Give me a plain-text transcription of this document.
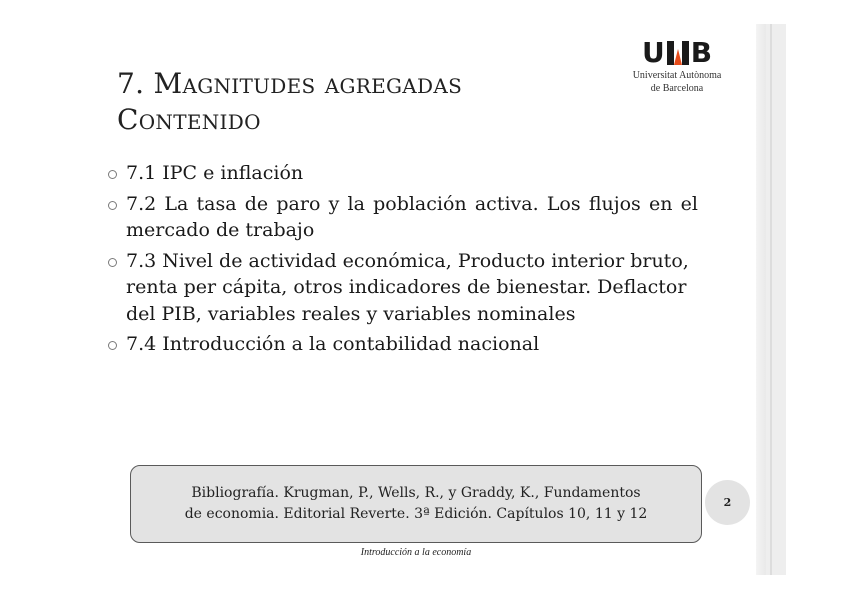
U B
Universitat Autònoma
de Barcelona
7. Magnitudes agregadas
Contenido
7.1 IPC e inflación
7.2 La tasa de paro y la población activa. Los flujos en el mercado de trabajo
7.3 Nivel de actividad económica, Producto interior bruto, renta per cápita, otros indicadores de bienestar. Deflactor del PIB, variables reales y variables nominales
7.4 Introducción a la contabilidad nacional
Bibliografía. Krugman, P., Wells, R., y Graddy, K., Fundamentos
de economia. Editorial Reverte. 3ª Edición. Capítulos 10, 11 y 12
2
Introducción a la economía
